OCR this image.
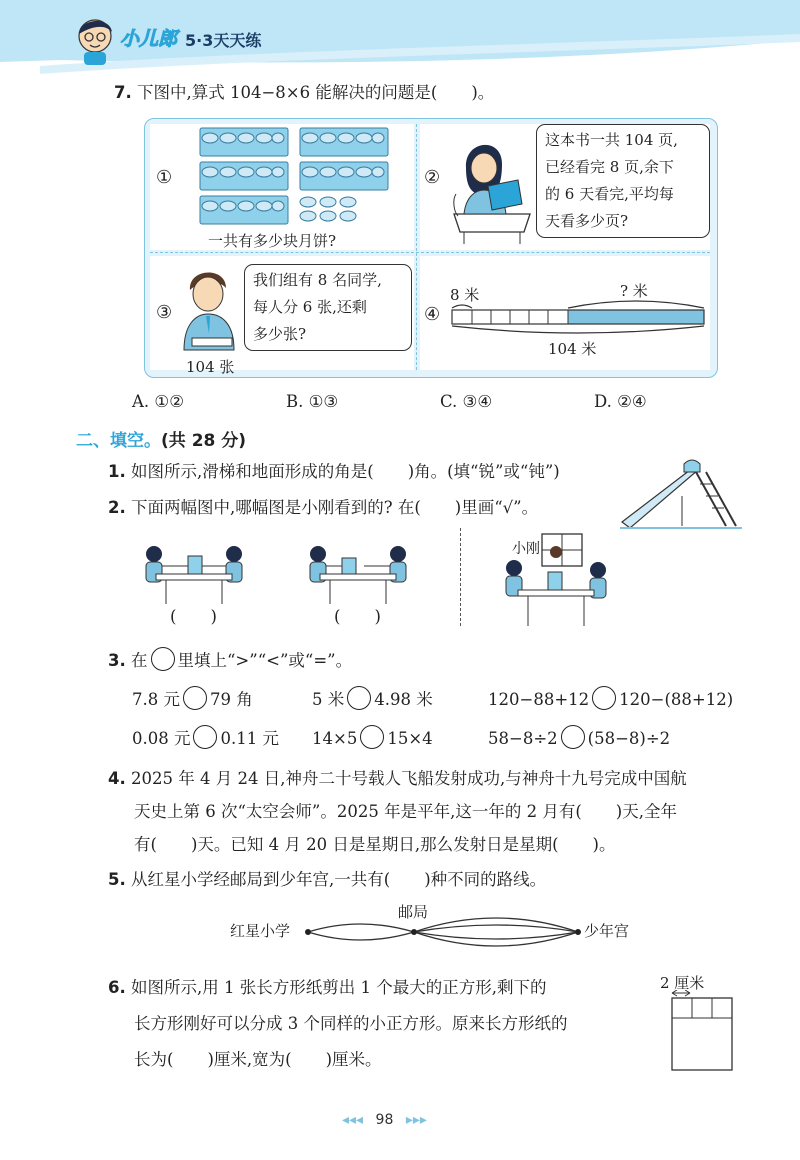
小儿郎 5·3天天练
7. 下图中,算式 104−8×6 能解决的问题是( )。
①
一共有多少块月饼?
②
这本书一共 104 页,
已经看完 8 页,余下
的 6 天看完,平均每
天看多少页?
③
我们组有 8 名同学,
每人分 6 张,还剩
多少张?
104 张
④
8 米	? 米
104 米
A. ①②	B. ①③	C. ③④	D. ②④
二、填空。(共 28 分)
1. 如图所示,滑梯和地面形成的角是( )角。(填“锐”或“钝”)
2. 下面两幅图中,哪幅图是小刚看到的? 在( )里画“√”。
( )	( )
小刚
3. 在 里填上“>”“<”或“=”。
7.8 元 79 角	5 米 4.98 米	120−88+12 120−(88+12)
0.08 元 0.11 元 14×5 15×4	58−8÷2 (58−8)÷2
4. 2025 年 4 月 24 日,神舟二十号载人飞船发射成功,与神舟十九号完成中国航
天史上第 6 次“太空会师”。2025 年是平年,这一年的 2 月有( )天,全年
有( )天。已知 4 月 20 日是星期日,那么发射日是星期( )。
5. 从红星小学经邮局到少年宫,一共有( )种不同的路线。
红星小学
邮局
少年宫
6. 如图所示,用 1 张长方形纸剪出 1 个最大的正方形,剩下的
长方形刚好可以分成 3 个同样的小正方形。原来长方形纸的
长为( )厘米,宽为( )厘米。
2 厘米
◂◂◂ 98 ▸▸▸
